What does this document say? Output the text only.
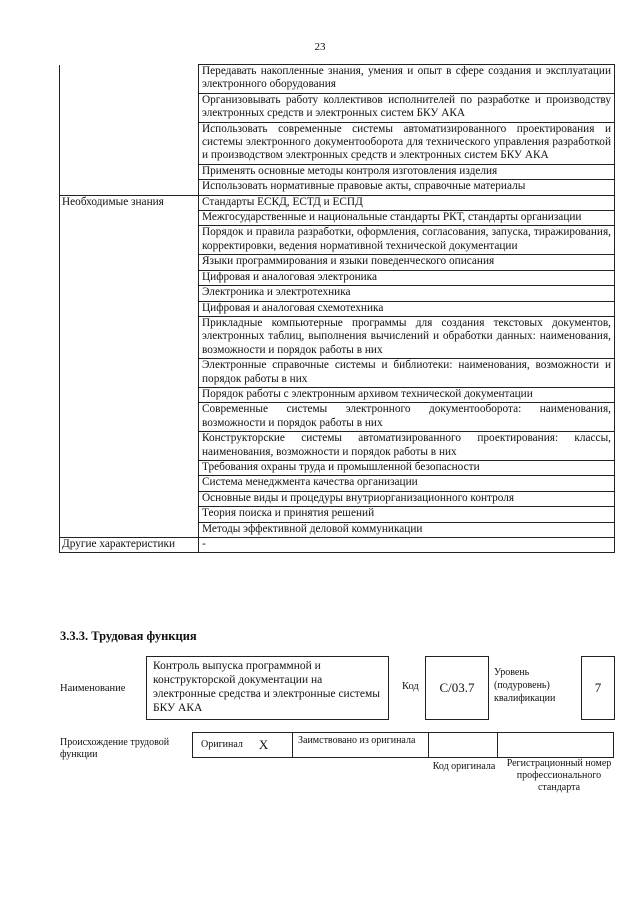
23
	Передавать накопленные знания, умения и опыт в сфере создания и эксплуатации электронного оборудования
	Организовывать работу коллективов исполнителей по разработке и производству электронных средств и электронных систем БКУ АКА
	Использовать современные системы автоматизированного проектирования и системы электронного документооборота для технического управления разработкой и производством электронных средств и электронных систем БКУ АКА
	Применять основные методы контроля изготовления изделия
	Использовать нормативные правовые акты, справочные материалы
Необходимые знания	Стандарты ЕСКД, ЕСТД и ЕСПД
	Межгосударственные и национальные стандарты РКТ, стандарты организации
	Порядок и правила разработки, оформления, согласования, запуска, тиражирования, корректировки, ведения нормативной технической документации
	Языки программирования и языки поведенческого описания
	Цифровая и аналоговая электроника
	Электроника и электротехника
	Цифровая и аналоговая схемотехника
	Прикладные компьютерные программы для создания текстовых документов, электронных таблиц, выполнения вычислений и обработки данных: наименования, возможности и порядок работы в них
	Электронные справочные системы и библиотеки: наименования, возможности и порядок работы в них
	Порядок работы с электронным архивом технической документации
	Современные системы электронного документооборота: наименования, возможности и порядок работы в них
	Конструкторские системы автоматизированного проектирования: классы, наименования, возможности и порядок работы в них
	Требования охраны труда и промышленной безопасности
	Система менеджмента качества организации
	Основные виды и процедуры внутриорганизационного контроля
	Теория поиска и принятия решений
	Методы эффективной деловой коммуникации
Другие характеристики	-
3.3.3. Трудовая функция
Наименование
Контроль выпуска программной и конструкторской документации на электронные средства и электронные системы БКУ АКА
Код	C/03.7
Уровень (подуровень) квалификации
7
Происхождение трудовой функции
Оригинал X	Заимствовано из оригинала
Код оригинала	Регистрационный номер профессионального стандарта
